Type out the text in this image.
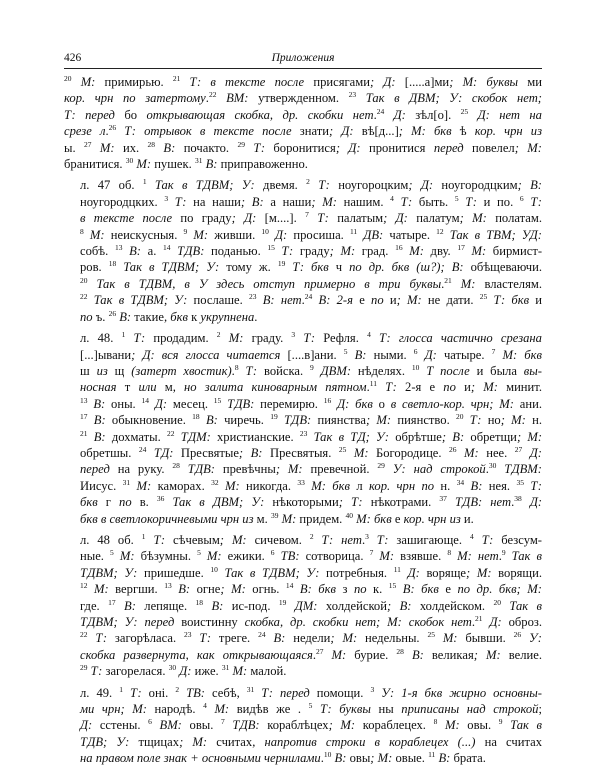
426	Приложения
$^{20}$ М: примирью. $^{21}$ Т: в тексте после присягами; Д: [.....а]ми; М: буквы ми
кор. чрн по затертому.$^{22}$ ВМ: утвержденном. $^{23}$ Так в ДВМ; У: скобок нет;
Т: перед бо открывающая скобка, др. скобки нет.$^{24}$ Д: зѣл[о]. $^{25}$ Д: нет на
срезе л.$^{26}$ Т: отрывок в тексте после знати; Д: вѣ[д...]; М: бкв ѣ кор. чрн из
ы. $^{27}$ М: их. $^{28}$ В: почакто. $^{29}$ Т: боронитися; Д: пронитися перед повелел; М:
бранитися. $^{30}$ М: пушек. $^{31}$ В: приправоженно.
л. 47 об. $^1$ Так в ТДВМ; У: двемя. $^2$ Т: ноугороцким; Д: ноугородцким; В:
ноугородцких. $^3$ Т: на наши; В: а наши; М: нашим. $^4$ Т: быть. $^5$ Т: и по. $^6$ Т:
в тексте после по граду; Д: [м....]. $^7$ Т: палатым; Д: палатум; М: полатам.
$^8$ М: неискусныя. $^9$ М: живши. $^{10}$ Д: просиша. $^{11}$ ДВ: чатыре. $^{12}$ Так в ТВМ; УД:
собѣ. $^{13}$ В: а. $^{14}$ ТДВ: поданью. $^{15}$ Т: граду; М: град. $^{16}$ М: дву. $^{17}$ М: бирмист-
ров. $^{18}$ Так в ТДВМ; У: тому ж. $^{19}$ Т: бкв ч по др. бкв (ш?); В: обѣщеваючи.
$^{20}$ Так в ТДВМ, в У здесь отступ примерно в три буквы.$^{21}$ М: властелям.
$^{22}$ Так в ТДВМ; У: послаше. $^{23}$ В: нет.$^{24}$ В: 2-я е по и; М: не дати. $^{25}$ Т: бкв и
по ъ. $^{26}$ В: такие, бкв к укрупнена.
л. 48. $^1$ Т: продадим. $^2$ М: граду. $^3$ Т: Рефля. $^4$ Т: глосса частично срезана
[...]ывани; Д: вся глосса читается [....в]ани. $^5$ В: ными. $^6$ Д: чатыре. $^7$ М: бкв
ш из щ (затерт хвостик).$^8$ Т: войска. $^9$ ДВМ: нѣделях. $^{10}$ Т после и была вы-
носная т или м, но залита киноварным пятном.$^{11}$ Т: 2-я е по и; М: минит.
$^{13}$ В: оны. $^{14}$ Д: месец. $^{15}$ ТДВ: перемирю. $^{16}$ Д: бкв о в светло-кор. чрн; М: ани.
$^{17}$ В: обыкновение. $^{18}$ В: чиречь. $^{19}$ ТДВ: пиянства; М: пиянство. $^{20}$ Т: но; М: н.
$^{21}$ В: дохматы. $^{22}$ ТДМ: христианские. $^{23}$ Так в ТД; У: обрѣтше; В: обретщи; М:
обретшы. $^{24}$ ТД: Пресвятые; В: Пресвятыя. $^{25}$ М: Богородице. $^{26}$ М: нее. $^{27}$ Д:
перед на руку. $^{28}$ ТДВ: превѣчны; М: превечной. $^{29}$ У: над строкой.$^{30}$ ТДВМ:
Иисус. $^{31}$ М: каморах. $^{32}$ М: никогда. $^{33}$ М: бкв л кор. чрн по н. $^{34}$ В: нея. $^{35}$ Т:
бкв г по в. $^{36}$ Так в ДВМ; У: нѣкоторыми; Т: нѣкотрами. $^{37}$ ТДВ: нет.$^{38}$ Д:
бкв в светлокоричневыми чрн из м. $^{39}$ М: придем. $^{40}$ М: бкв е кор. чрн из и.
л. 48 об. $^1$ Т: сѣчевым; М: сичевом. $^2$ Т: нет.$^3$ Т: зашигающе. $^4$ Т: безсум-
ные. $^5$ М: бѣзумны. $^5$ М: ежики. $^6$ ТВ: сотворица. $^7$ М: взявше. $^8$ М: нет.$^9$ Так в
ТДВМ; У: пришедше. $^{10}$ Так в ТДВМ; У: потребныя. $^{11}$ Д: воряще; М: ворящи.
$^{12}$ М: вергши. $^{13}$ В: огне; М: огнь. $^{14}$ В: бкв з по к. $^{15}$ В: бкв е по др. бкв; М:
где. $^{17}$ В: лепяще. $^{18}$ В: ис-под. $^{19}$ ДМ: холдейской; В: холдейском. $^{20}$ Так в
ТДВМ; У: перед воистинну скобка, др. скобки нет; М: скобок нет.$^{21}$ Д: оброз.
$^{22}$ Т: загорѣласа. $^{23}$ Т: треге. $^{24}$ В: недели; М: недельны. $^{25}$ М: бывши. $^{26}$ У:
скобка развернута, как открывающаяся.$^{27}$ М: бурие. $^{28}$ В: великая; М: велие.
$^{29}$ Т: загорелася. $^{30}$ Д: иже. $^{31}$ М: малой.
л. 49. $^1$ Т: оні. $^2$ ТВ: себѣ, $^{31}$ Т: перед помощи. $^3$ У: 1-я бкв жирно основны-
ми чрн; М: народѣ. $^4$ М: видѣв же . $^5$ Т: буквы ны приписаны над строкой;
Д: сстены. $^6$ ВМ: овы. $^7$ ТДВ: кораблѣцех; М: кораблецех. $^8$ М: овы. $^9$ Так в
ТДВ; У: тщицах; М: считах, напротив строки в кораблецех (...) на считах
на правом поле знак + основными чернилами.$^{10}$ В: овы; М: овые. $^{11}$ В: брата.
